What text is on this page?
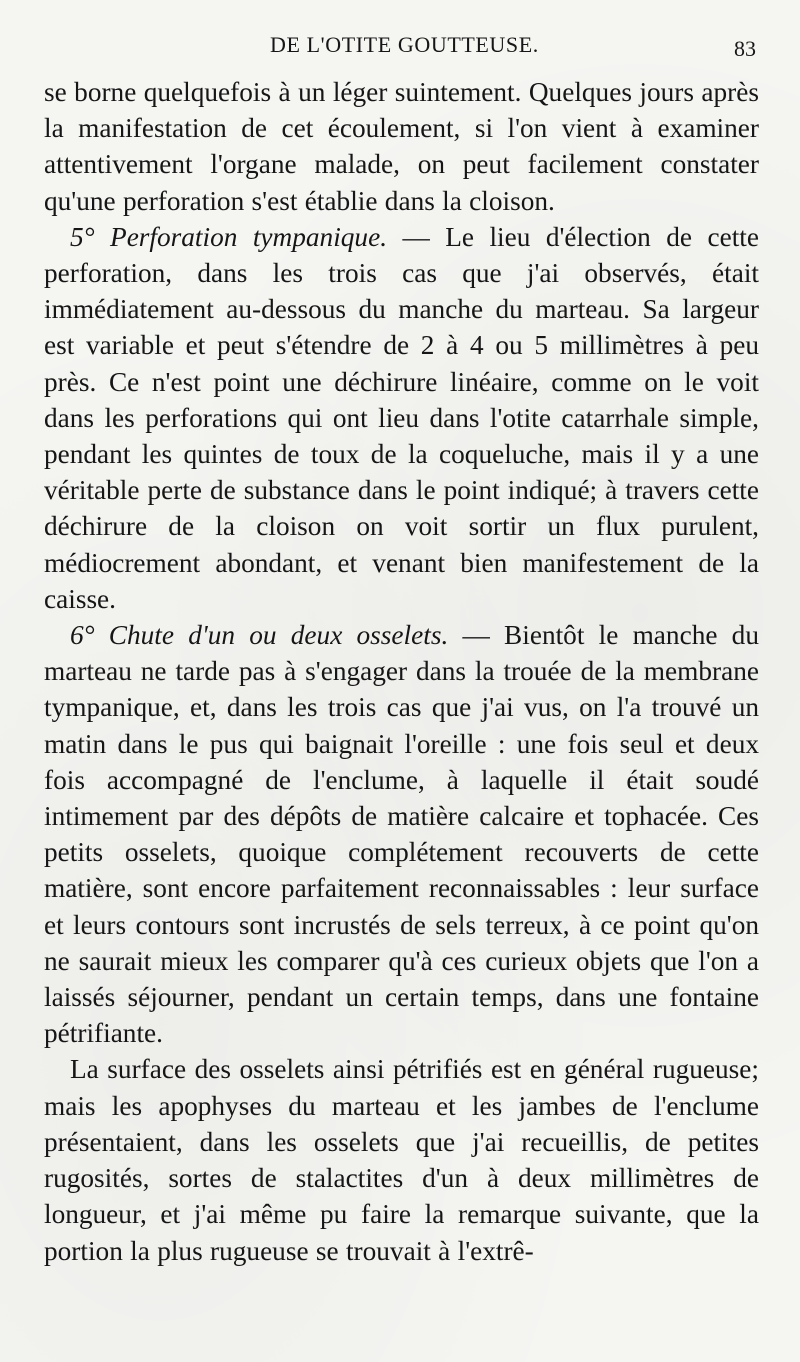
DE L'OTITE GOUTTEUSE.	83

se borne quelquefois à un léger suintement. Quelques jours après la manifestation de cet écoulement, si l'on vient à examiner attentivement l'organe malade, on peut facilement constater qu'une perforation s'est établie dans la cloison.

5° Perforation tympanique. — Le lieu d'élection de cette perforation, dans les trois cas que j'ai observés, était immédiatement au-dessous du manche du marteau. Sa largeur est variable et peut s'étendre de 2 à 4 ou 5 millimètres à peu près. Ce n'est point une déchirure linéaire, comme on le voit dans les perforations qui ont lieu dans l'otite catarrhale simple, pendant les quintes de toux de la coqueluche, mais il y a une véritable perte de substance dans le point indiqué; à travers cette déchirure de la cloison on voit sortir un flux purulent, médiocrement abondant, et venant bien manifestement de la caisse.

6° Chute d'un ou deux osselets. — Bientôt le manche du marteau ne tarde pas à s'engager dans la trouée de la membrane tympanique, et, dans les trois cas que j'ai vus, on l'a trouvé un matin dans le pus qui baignait l'oreille : une fois seul et deux fois accompagné de l'enclume, à laquelle il était soudé intimement par des dépôts de matière calcaire et tophacée. Ces petits osselets, quoique complétement recouverts de cette matière, sont encore parfaitement reconnaissables : leur surface et leurs contours sont incrustés de sels terreux, à ce point qu'on ne saurait mieux les comparer qu'à ces curieux objets que l'on a laissés séjourner, pendant un certain temps, dans une fontaine pétrifiante.

La surface des osselets ainsi pétrifiés est en général rugueuse; mais les apophyses du marteau et les jambes de l'enclume présentaient, dans les osselets que j'ai recueillis, de petites rugosités, sortes de stalactites d'un à deux millimètres de longueur, et j'ai même pu faire la remarque suivante, que la portion la plus rugueuse se trouvait à l'extrê-
